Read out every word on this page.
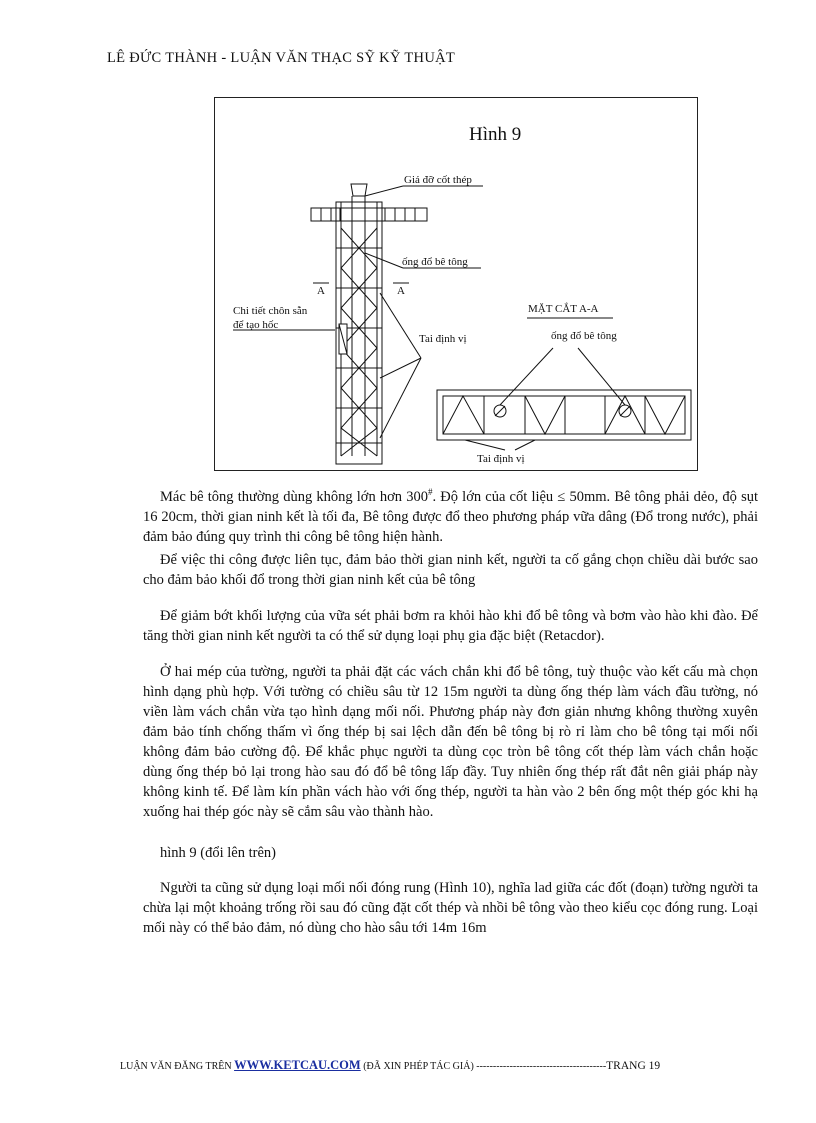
LÊ ĐỨC THÀNH - LUẬN VĂN THẠC SỸ KỸ THUẬT
Hình 9
Giá đỡ cốt thép
ống đổ bê tông
A	A
Chi tiết chôn sẵn
để tạo hốc
Tai định vị
MẶT CẮT A-A
ống đổ bê tông
Tai định vị

Mác bê tông thường dùng không lớn hơn 300#. Độ lớn của cốt liệu ≤ 50mm. Bê tông phải dẻo, độ sụt 16 20cm, thời gian ninh kết là tối đa, Bê tông được đổ theo phương pháp vữa dâng (Đổ trong nước), phải đảm bảo đúng quy trình thi công bê tông hiện hành.

Để việc thi công được liên tục, đảm bảo thời gian ninh kết, người ta cố gắng chọn chiều dài bước sao cho đảm bảo khối đổ trong thời gian ninh kết của bê tông

Để giảm bớt khối lượng của vữa sét phải bơm ra khỏi hào khi đổ bê tông và bơm vào hào khi đào. Để tăng thời gian ninh kết người ta có thể sử dụng loại phụ gia đặc biệt (Retacdor).

Ở hai mép của tường, người ta phải đặt các vách chắn khi đổ bê tông, tuỳ thuộc vào kết cấu mà chọn hình dạng phù hợp. Với tường có chiều sâu từ 12 15m người ta dùng ống thép làm vách đầu tường, nó viền làm vách chắn vừa tạo hình dạng mối nối. Phương pháp này đơn giản nhưng không thường xuyên đảm bảo tính chống thấm vì ống thép bị sai lệch dẫn đến bê tông bị rò rỉ làm cho bê tông tại mối nối không đảm bảo cường độ. Để khắc phục người ta dùng cọc tròn bê tông cốt thép làm vách chắn hoặc dùng ống thép bỏ lại trong hào sau đó đổ bê tông lấp đầy. Tuy nhiên ống thép rất đắt nên giải pháp này không kinh tế. Để làm kín phần vách hào với ống thép, người ta hàn vào 2 bên ống một thép góc khi hạ xuống hai thép góc này sẽ cắm sâu vào thành hào.

hình 9 (đổi lên trên)

Người ta cũng sử dụng loại mối nối đóng rung (Hình 10), nghĩa lad giữa các đốt (đoạn) tường người ta chừa lại một khoảng trống rồi sau đó cũng đặt cốt thép và nhồi bê tông vào theo kiểu cọc đóng rung. Loại mối này có thể bảo đảm, nó dùng cho hào sâu tới 14m 16m

LUẬN VĂN ĐĂNG TRÊN WWW.KETCAU.COM (ĐÃ XIN PHÉP TÁC GIẢ) ---------------------------------------TRANG 19
